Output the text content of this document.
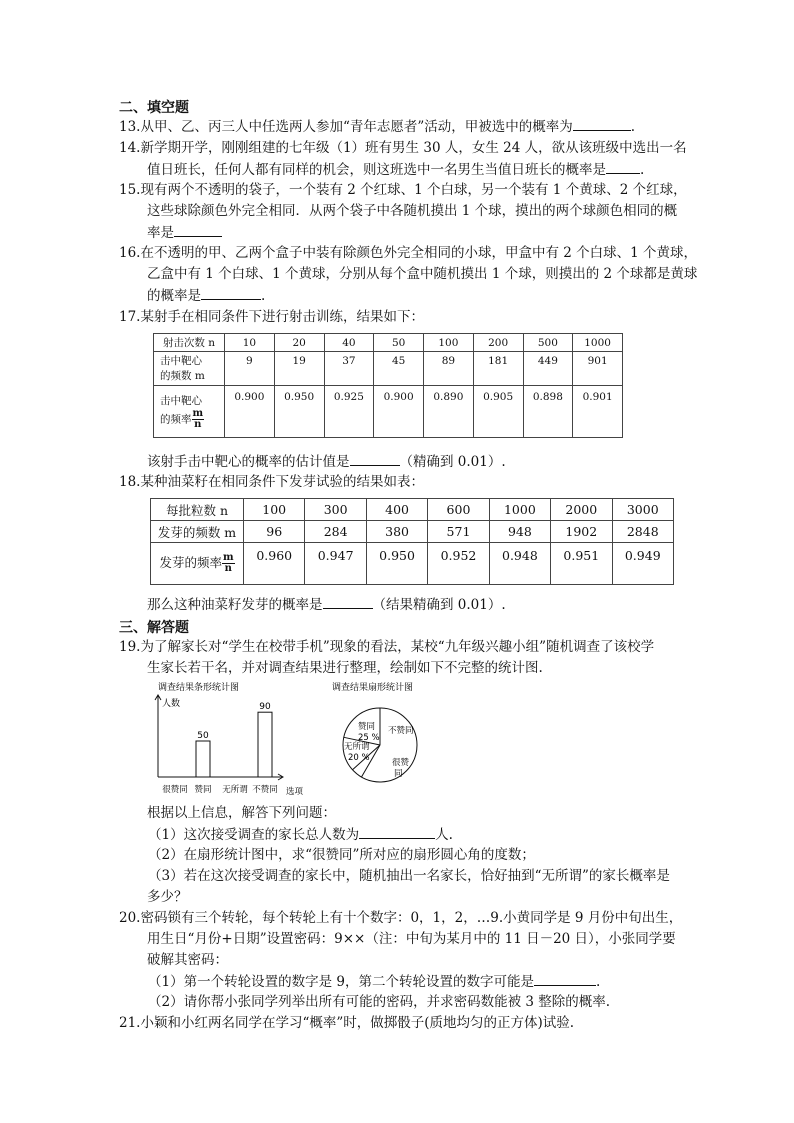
二、填空题
13.从甲、乙、丙三人中任选两人参加“青年志愿者”活动，甲被选中的概率为	.
14.新学期开学，刚刚组建的七年级（1）班有男生 30 人，女生 24 人，欲从该班级中选出一名
值日班长，任何人都有同样的机会，则这班选中一名男生当值日班长的概率是	.
15.现有两个不透明的袋子，一个装有 2 个红球、1 个白球，另一个装有 1 个黄球、2 个红球，
这些球除颜色外完全相同．从两个袋子中各随机摸出 1 个球，摸出的两个球颜色相同的概
率是
16.在不透明的甲、乙两个盒子中装有除颜色外完全相同的小球，甲盒中有 2 个白球、1 个黄球，
乙盒中有 1 个白球、1 个黄球，分别从每个盒中随机摸出 1 个球，则摸出的 2 个球都是黄球
的概率是	.
17.某射手在相同条件下进行射击训练，结果如下：
射击次数 n	10	20	40	50	100	200	500	1000

击中靶心
的频数 m	9	19	37	45	89	181	449	901

击中靶心
的频率 $\frac{m}{n}$	0.900	0.950	0.925	0.900	0.890	0.905	0.898	0.901
该射手击中靶心的概率的估计值是	（精确到 0.01）.
18.某种油菜籽在相同条件下发芽试验的结果如表：
每批粒数 n	100	300	400	600	1000	2000	3000
发芽的频数 m	96	284	380	571	948	1902	2848
发芽的频率 $\frac{m}{n}$	0.960	0.947	0.950	0.952	0.948	0.951	0.949
那么这种油菜籽发芽的概率是	（结果精确到 0.01）.
三、解答题
19.为了解家长对“学生在校带手机”现象的看法，某校“九年级兴趣小组”随机调查了该校学
生家长若干名，并对调查结果进行整理，绘制如下不完整的统计图.
调查结果条形统计图
人数
50
90
选项
很赞同 赞同 无所谓 不赞同
调查结果扇形统计图
赞同
25 %
无所谓
20 %	很赞
同
不赞同
根据以上信息，解答下列问题：
（1）这次接受调查的家长总人数为	人.
（2）在扇形统计图中，求“很赞同”所对应的扇形圆心角的度数；
（3）若在这次接受调查的家长中，随机抽出一名家长，恰好抽到“无所谓”的家长概率是
多少？
20.密码锁有三个转轮，每个转轮上有十个数字：0，1，2，…9.小黄同学是 9 月份中旬出生，
用生日“月份+日期”设置密码：9××（注：中旬为某月中的 11 日－20 日），小张同学要
破解其密码：
（1）第一个转轮设置的数字是 9，第二个转轮设置的数字可能是	.
（2）请你帮小张同学列举出所有可能的密码，并求密码数能被 3 整除的概率.
21.小颖和小红两名同学在学习“概率”时，做掷骰子(质地均匀的正方体)试验.
